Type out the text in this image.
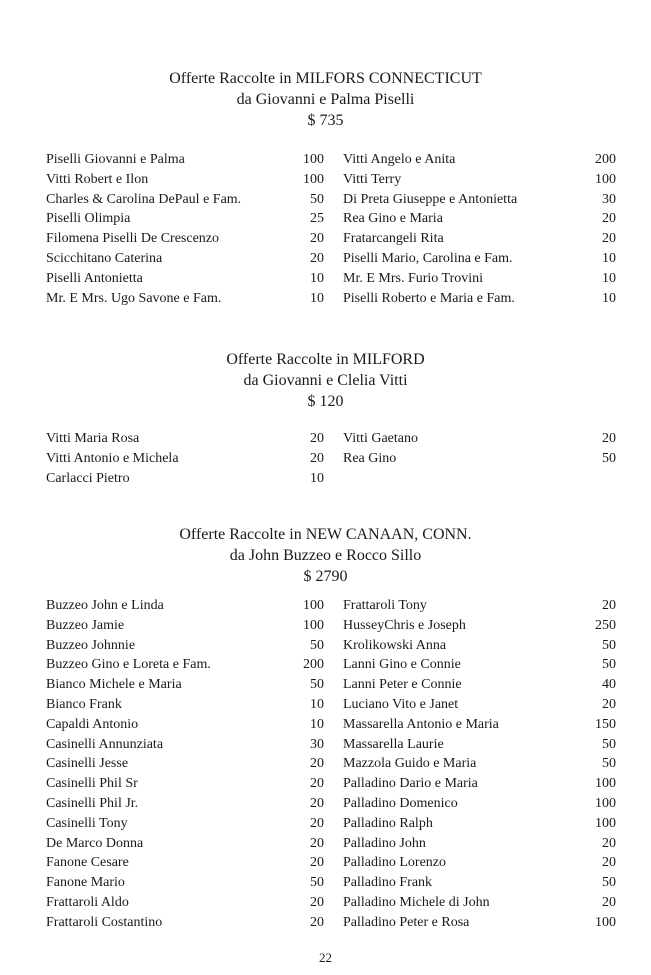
Offerte Raccolte in MILFORS CONNECTICUT
da Giovanni e Palma Piselli
$ 735
Piselli Giovanni e Palma	100
Vitti Robert e Ilon	100
Charles & Carolina DePaul e Fam.	50
Piselli Olimpia	25
Filomena Piselli De Crescenzo	20
Scicchitano Caterina	20
Piselli Antonietta	10
Mr. E Mrs. Ugo Savone e Fam.	10
Vitti Angelo e Anita	200
Vitti Terry	100
Di Preta Giuseppe e Antonietta	30
Rea Gino e Maria	20
Fratarcangeli Rita	20
Piselli Mario, Carolina e Fam.	10
Mr. E Mrs. Furio Trovini	10
Piselli Roberto e Maria e Fam.	10
Offerte Raccolte in MILFORD
da Giovanni e Clelia Vitti
$ 120
Vitti Maria Rosa	20
Vitti Antonio e Michela	20
Carlacci Pietro	10
Vitti Gaetano	20
Rea Gino	50
Offerte Raccolte in NEW CANAAN, CONN.
da John Buzzeo e Rocco Sillo
$ 2790
Buzzeo John e Linda	100
Buzzeo Jamie	100
Buzzeo Johnnie	50
Buzzeo Gino e Loreta e Fam.	200
Bianco Michele e Maria	50
Bianco Frank	10
Capaldi Antonio	10
Casinelli Annunziata	30
Casinelli Jesse	20
Casinelli Phil Sr	20
Casinelli Phil Jr.	20
Casinelli Tony	20
De Marco Donna	20
Fanone Cesare	20
Fanone Mario	50
Frattaroli Aldo	20
Frattaroli Costantino	20
Frattaroli Tony	20
HusseyChris e Joseph	250
Krolikowski Anna	50
Lanni Gino e Connie	50
Lanni Peter e Connie	40
Luciano Vito e Janet	20
Massarella Antonio e Maria	150
Massarella Laurie	50
Mazzola Guido e Maria	50
Palladino Dario e Maria	100
Palladino Domenico	100
Palladino Ralph	100
Palladino John	20
Palladino Lorenzo	20
Palladino Frank	50
Palladino Michele di John	20
Palladino Peter e Rosa	100
22
